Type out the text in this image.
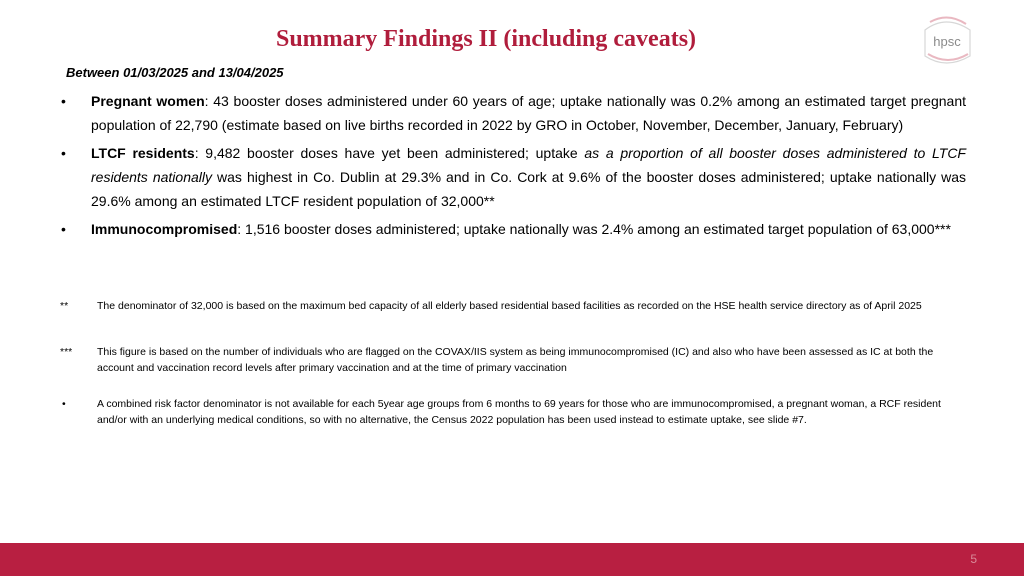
Summary Findings II (including caveats)	hpsc

Between 01/03/2025 and 13/04/2025

• Pregnant women: 43 booster doses administered under 60 years of age; uptake nationally was 0.2% among an estimated target pregnant population of 22,790 (estimate based on live births recorded in 2022 by GRO in October, November, December, January, February)
• LTCF residents: 9,482 booster doses have yet been administered; uptake as a proportion of all booster doses administered to LTCF residents nationally was highest in Co. Dublin at 29.3% and in Co. Cork at 9.6% of the booster doses administered; uptake nationally was 29.6% among an estimated LTCF resident population of 32,000**
• Immunocompromised: 1,516 booster doses administered; uptake nationally was 2.4% among an estimated target population of 63,000***
**	The denominator of 32,000 is based on the maximum bed capacity of all elderly based residential based facilities as recorded on the HSE health service directory as of April 2025
*** This figure is based on the number of individuals who are flagged on the COVAX/IIS system as being immunocompromised (IC) and also who have been assessed as IC at both the account and vaccination record levels after primary vaccination and at the time of primary vaccination
•	A combined risk factor denominator is not available for each 5year age groups from 6 months to 69 years for those who are immunocompromised, a pregnant woman, a RCF resident and/or with an underlying medical conditions, so with no alternative, the Census 2022 population has been used instead to estimate uptake, see slide #7.
5
